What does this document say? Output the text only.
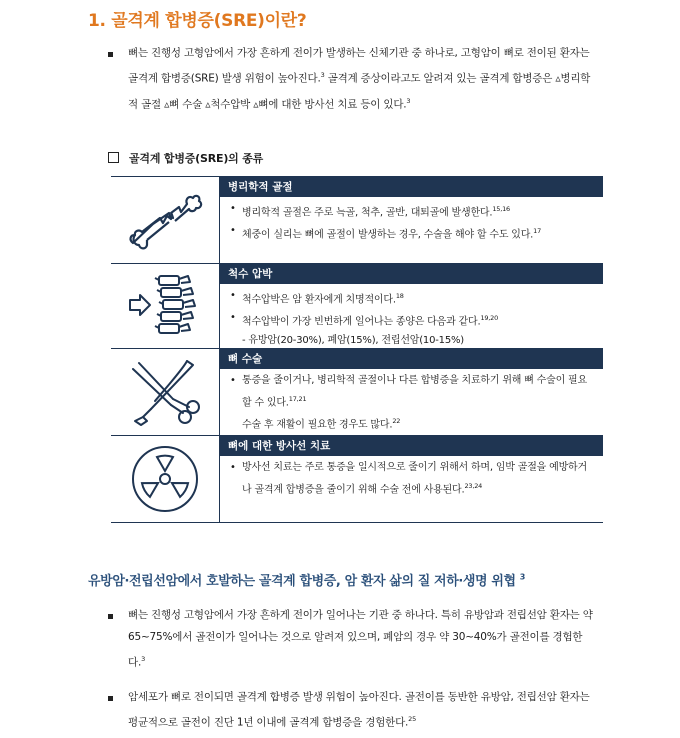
1. 골격계 합병증(SRE)이란?
뼈는 진행성 고형암에서 가장 흔하게 전이가 발생하는 신체기관 중 하나로, 고형암이 뼈로 전이된 환자는 골격계 합병증(SRE) 발생 위험이 높아진다.$^3$ 골격계 증상이라고도 알려져 있는 골격계 합병증은 ▵병리학적 골절 ▵뼈 수술 ▵척수압박 ▵뼈에 대한 방사선 치료 등이 있다.$^3$
골격계 합병증(SRE)의 종류
병리학적 골절
• 병리학적 골절은 주로 늑골, 척추, 골반, 대퇴골에 발생한다.$^{15,16}$
• 체중이 실리는 뼈에 골절이 발생하는 경우, 수술을 해야 할 수도 있다.$^{17}$
척수 압박
• 척수압박은 암 환자에게 치명적이다.$^{18}$
• 척수압박이 가장 빈번하게 일어나는 종양은 다음과 같다.$^{19,20}$
- 유방암(20-30%), 폐암(15%), 전립선암(10-15%)
뼈 수술
• 통증을 줄이거나, 병리학적 골절이나 다른 합병증을 치료하기 위해 뼈 수술이 필요할 수 있다.$^{17,21}$
수술 후 재활이 필요한 경우도 많다.$^{22}$
뼈에 대한 방사선 치료
• 방사선 치료는 주로 통증을 일시적으로 줄이기 위해서 하며, 임박 골절을 예방하거나 골격계 합병증을 줄이기 위해 수술 전에 사용된다.$^{23,24}$
유방암·전립선암에서 호발하는 골격계 합병증, 암 환자 삶의 질 저하·생명 위협 $^3$
뼈는 진행성 고형암에서 가장 흔하게 전이가 일어나는 기관 중 하나다. 특히 유방암과 전립선암 환자는 약 65~75%에서 골전이가 일어나는 것으로 알려져 있으며, 폐암의 경우 약 30~40%가 골전이를 경험한다.$^3$
암세포가 뼈로 전이되면 골격계 합병증 발생 위험이 높아진다. 골전이를 동반한 유방암, 전립선암 환자는 평균적으로 골전이 진단 1년 이내에 골격계 합병증을 경험한다.$^{25}$
